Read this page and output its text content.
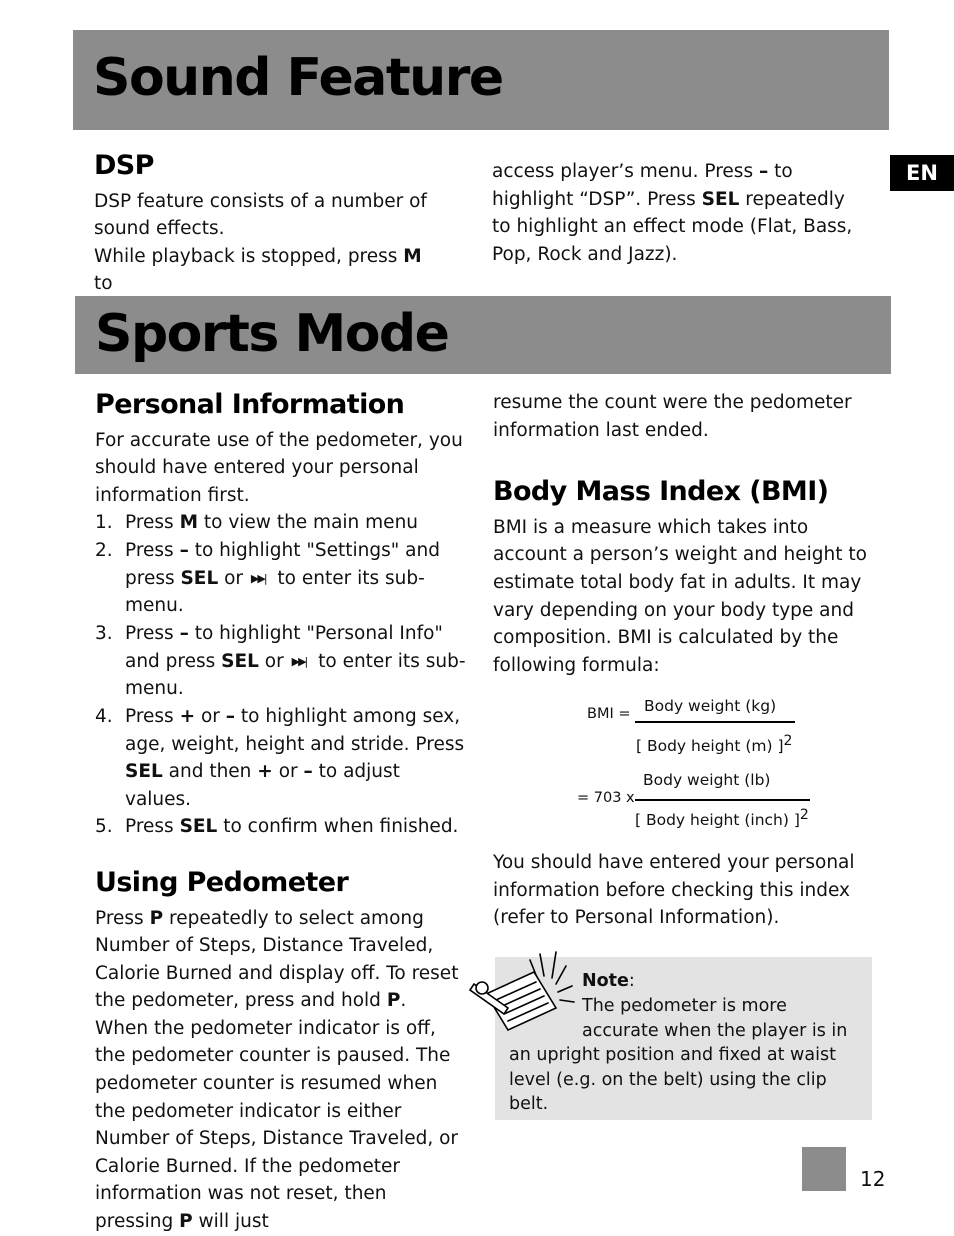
Sound Feature
EN
DSP

DSP feature consists of a number of sound effects.

While playback is stopped, press M to

access player’s menu. Press – to highlight “DSP”. Press SEL repeatedly to highlight an effect mode (Flat, Bass, Pop, Rock and Jazz).

Sports Mode
Personal Information

For accurate use of the pedometer, you should have entered your personal information first.

1. Press M to view the main menu
2. Press – to highlight "Settings" and press SEL or ▶▶| to enter its sub-menu.
3. Press – to highlight "Personal Info" and press SEL or ▶▶| to enter its sub-menu.
4. Press + or – to highlight among sex, age, weight, height and stride. Press SEL and then + or – to adjust values.
5. Press SEL to confirm when finished.
Using Pedometer

Press P repeatedly to select among Number of Steps, Distance Traveled, Calorie Burned and display off. To reset the pedometer, press and hold P.

When the pedometer indicator is off, the pedometer counter is paused. The pedometer counter is resumed when the pedometer indicator is either Number of Steps, Distance Traveled, or Calorie Burned. If the pedometer information was not reset, then pressing P will just

resume the count were the pedometer information last ended.

Body Mass Index (BMI)

BMI is a measure which takes into account a person’s weight and height to estimate total body fat in adults. It may vary depending on your body type and composition. BMI is calculated by the following formula:

BMI = Body weight (kg)
[ Body height (m) ]$^2$
= 703 x
Body weight (lb)
[ Body height (inch) ]$^2$

You should have entered your personal information before checking this index (refer to Personal Information).

Note:
The pedometer is more accurate when the player is in
an upright position and fixed at waist level (e.g. on the belt) using the clip belt.
12
